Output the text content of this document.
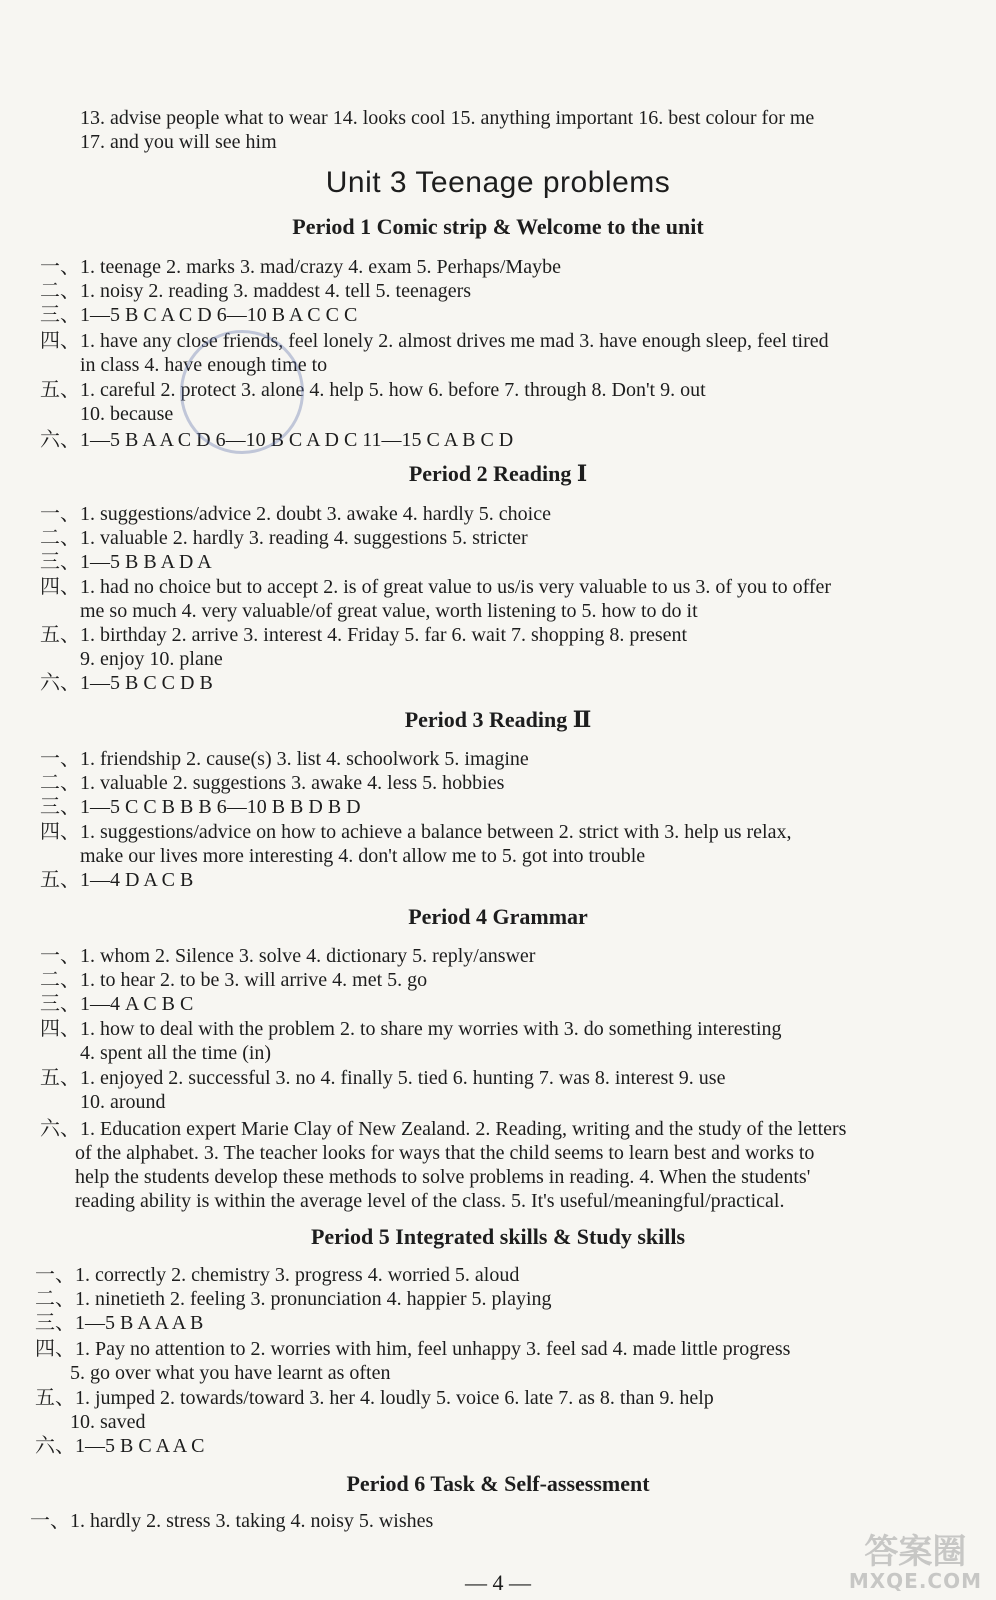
13. advise people what to wear 14. looks cool 15. anything important 16. best colour for me
17. and you will see him
Unit 3 Teenage problems
Period 1 Comic strip & Welcome to the unit
一、1. teenage 2. marks 3. mad/crazy 4. exam 5. Perhaps/Maybe
二、1. noisy 2. reading 3. maddest 4. tell 5. teenagers
三、1—5 B C A C D 6—10 B A C C C
四、1. have any close friends, feel lonely 2. almost drives me mad 3. have enough sleep, feel tired
in class 4. have enough time to
五、1. careful 2. protect 3. alone 4. help 5. how 6. before 7. through 8. Don't 9. out
10. because
六、1—5 B A A C D 6—10 B C A D C 11—15 C A B C D
Period 2 Reading Ⅰ
一、1. suggestions/advice 2. doubt 3. awake 4. hardly 5. choice
二、1. valuable 2. hardly 3. reading 4. suggestions 5. stricter
三、1—5 B B A D A
四、1. had no choice but to accept 2. is of great value to us/is very valuable to us 3. of you to offer
me so much 4. very valuable/of great value, worth listening to 5. how to do it
五、1. birthday 2. arrive 3. interest 4. Friday 5. far 6. wait 7. shopping 8. present
9. enjoy 10. plane
六、1—5 B C C D B
Period 3 Reading Ⅱ
一、1. friendship 2. cause(s) 3. list 4. schoolwork 5. imagine
二、1. valuable 2. suggestions 3. awake 4. less 5. hobbies
三、1—5 C C B B B 6—10 B B D B D
四、1. suggestions/advice on how to achieve a balance between 2. strict with 3. help us relax,
make our lives more interesting 4. don't allow me to 5. got into trouble
五、1—4 D A C B
Period 4 Grammar
一、1. whom 2. Silence 3. solve 4. dictionary 5. reply/answer
二、1. to hear 2. to be 3. will arrive 4. met 5. go
三、1—4 A C B C
四、1. how to deal with the problem 2. to share my worries with 3. do something interesting
4. spent all the time (in)
五、1. enjoyed 2. successful 3. no 4. finally 5. tied 6. hunting 7. was 8. interest 9. use
10. around
六、1. Education expert Marie Clay of New Zealand. 2. Reading, writing and the study of the letters
of the alphabet. 3. The teacher looks for ways that the child seems to learn best and works to
help the students develop these methods to solve problems in reading. 4. When the students'
reading ability is within the average level of the class. 5. It's useful/meaningful/practical.
Period 5 Integrated skills & Study skills
一、1. correctly 2. chemistry 3. progress 4. worried 5. aloud
二、1. ninetieth 2. feeling 3. pronunciation 4. happier 5. playing
三、1—5 B A A A B
四、1. Pay no attention to 2. worries with him, feel unhappy 3. feel sad 4. made little progress
5. go over what you have learnt as often
五、1. jumped 2. towards/toward 3. her 4. loudly 5. voice 6. late 7. as 8. than 9. help
10. saved
六、1—5 B C A A C
Period 6 Task & Self-assessment
一、1. hardly 2. stress 3. taking 4. noisy 5. wishes
— 4 —
答案圈
MXQE.COM
